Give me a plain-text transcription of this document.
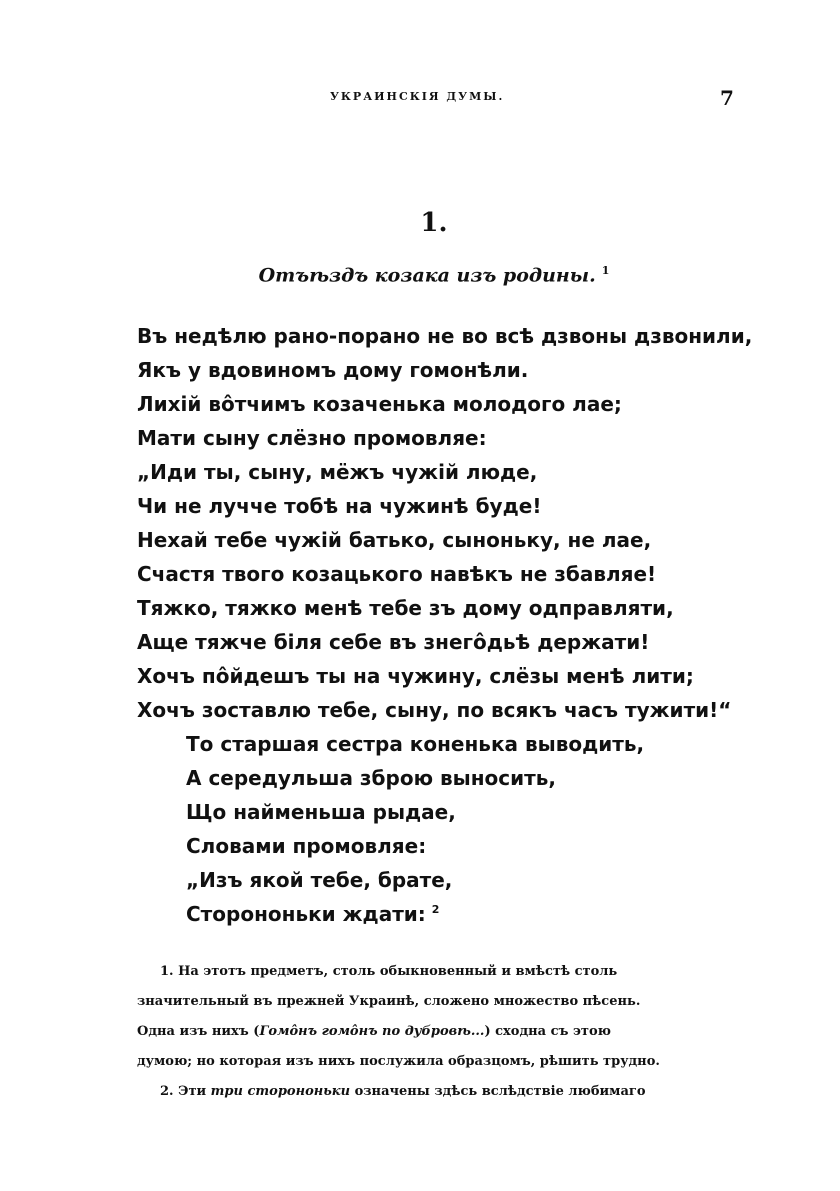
УКРАИНСКIЯ ДУМЫ.	7
1.
Отъѣздъ козака изъ родины. $^1$
Въ недѣлю рано-порано не во всѣ дзвоны дзвонили,
Якъ у вдовиномъ дому гомонѣли.
Лихiй вôтчимъ козаченька молодого лае;
Мати сыну слёзно промовляе:
„Иди ты, сыну, мёжъ чужiй люде,
Чи не лучче тобѣ на чужинѣ буде!
Нехай тебе чужiй батько, сыноньку, не лае,
Счастя твого козацького навѣкъ не збавляе!
Тяжко, тяжко менѣ тебе зъ дому одправляти,
Аще тяжче бiля себе въ знегôдьѣ держати!
Хочъ пôйдешъ ты на чужину, слёзы менѣ лити;
Хочъ зоставлю тебе, сыну, по всякъ часъ тужити!“
То старшая сестра коненька выводить,
А середульша зброю выносить,
Що найменьша рыдае,
Словами промовляе:
„Изъ якой тебе, брате,
Сторононьки ждати: $^2$
1. На этотъ предметъ, столь обыкновенный и вмѣстѣ столь
значительный въ прежней Украинѣ, сложено множество пѣсень.
Одна изъ нихъ (Гомôнъ гомôнъ по дубровѣ...) сходна съ этою
думою; но которая изъ нихъ послужила образцомъ, рѣшить трудно.
2. Эти три сторононьки означены здѣсь вслѣдствiе любимаго
